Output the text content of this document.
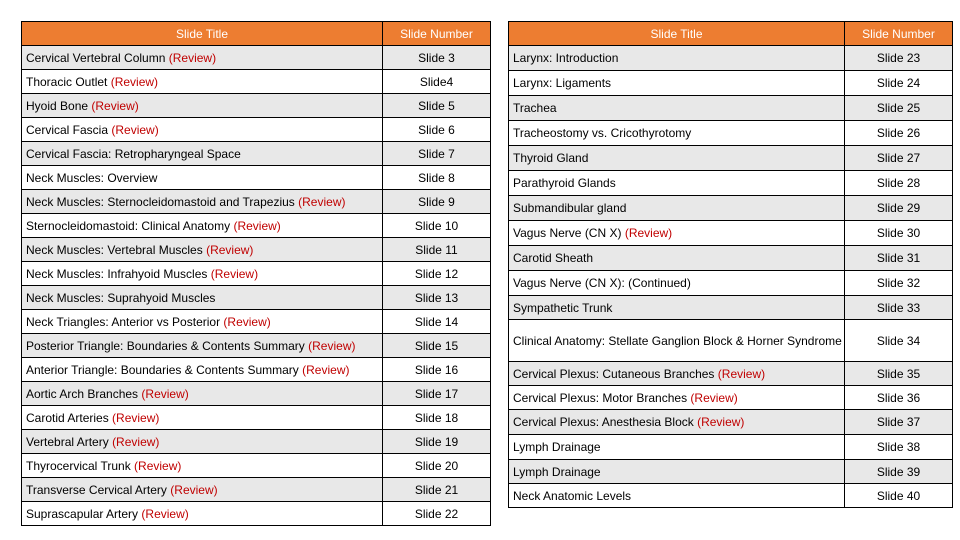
Slide Title	Slide Number
Cervical Vertebral Column (Review)	Slide 3
Thoracic Outlet (Review)	Slide4
Hyoid Bone (Review)	Slide 5
Cervical Fascia (Review)	Slide 6
Cervical Fascia: Retropharyngeal Space	Slide 7
Neck Muscles: Overview	Slide 8
Neck Muscles: Sternocleidomastoid and Trapezius (Review)	Slide 9
Sternocleidomastoid: Clinical Anatomy (Review)	Slide 10
Neck Muscles: Vertebral Muscles (Review)	Slide 11
Neck Muscles: Infrahyoid Muscles (Review)	Slide 12
Neck Muscles: Suprahyoid Muscles	Slide 13
Neck Triangles: Anterior vs Posterior (Review)	Slide 14
Posterior Triangle: Boundaries & Contents Summary (Review)	Slide 15
Anterior Triangle: Boundaries & Contents Summary (Review)	Slide 16
Aortic Arch Branches (Review)	Slide 17
Carotid Arteries (Review)	Slide 18
Vertebral Artery (Review)	Slide 19
Thyrocervical Trunk (Review)	Slide 20
Transverse Cervical Artery (Review)	Slide 21
Suprascapular Artery (Review)	Slide 22
Slide Title	Slide Number
Larynx: Introduction	Slide 23
Larynx: Ligaments	Slide 24
Trachea	Slide 25
Tracheostomy vs. Cricothyrotomy	Slide 26
Thyroid Gland	Slide 27
Parathyroid Glands	Slide 28
Submandibular gland	Slide 29
Vagus Nerve (CN X) (Review)	Slide 30
Carotid Sheath	Slide 31
Vagus Nerve (CN X): (Continued)	Slide 32
Sympathetic Trunk	Slide 33
Clinical Anatomy: Stellate Ganglion Block & Horner Syndrome	Slide 34
Cervical Plexus: Cutaneous Branches (Review)	Slide 35
Cervical Plexus: Motor Branches (Review)	Slide 36
Cervical Plexus: Anesthesia Block (Review)	Slide 37
Lymph Drainage	Slide 38
Lymph Drainage	Slide 39
Neck Anatomic Levels	Slide 40
